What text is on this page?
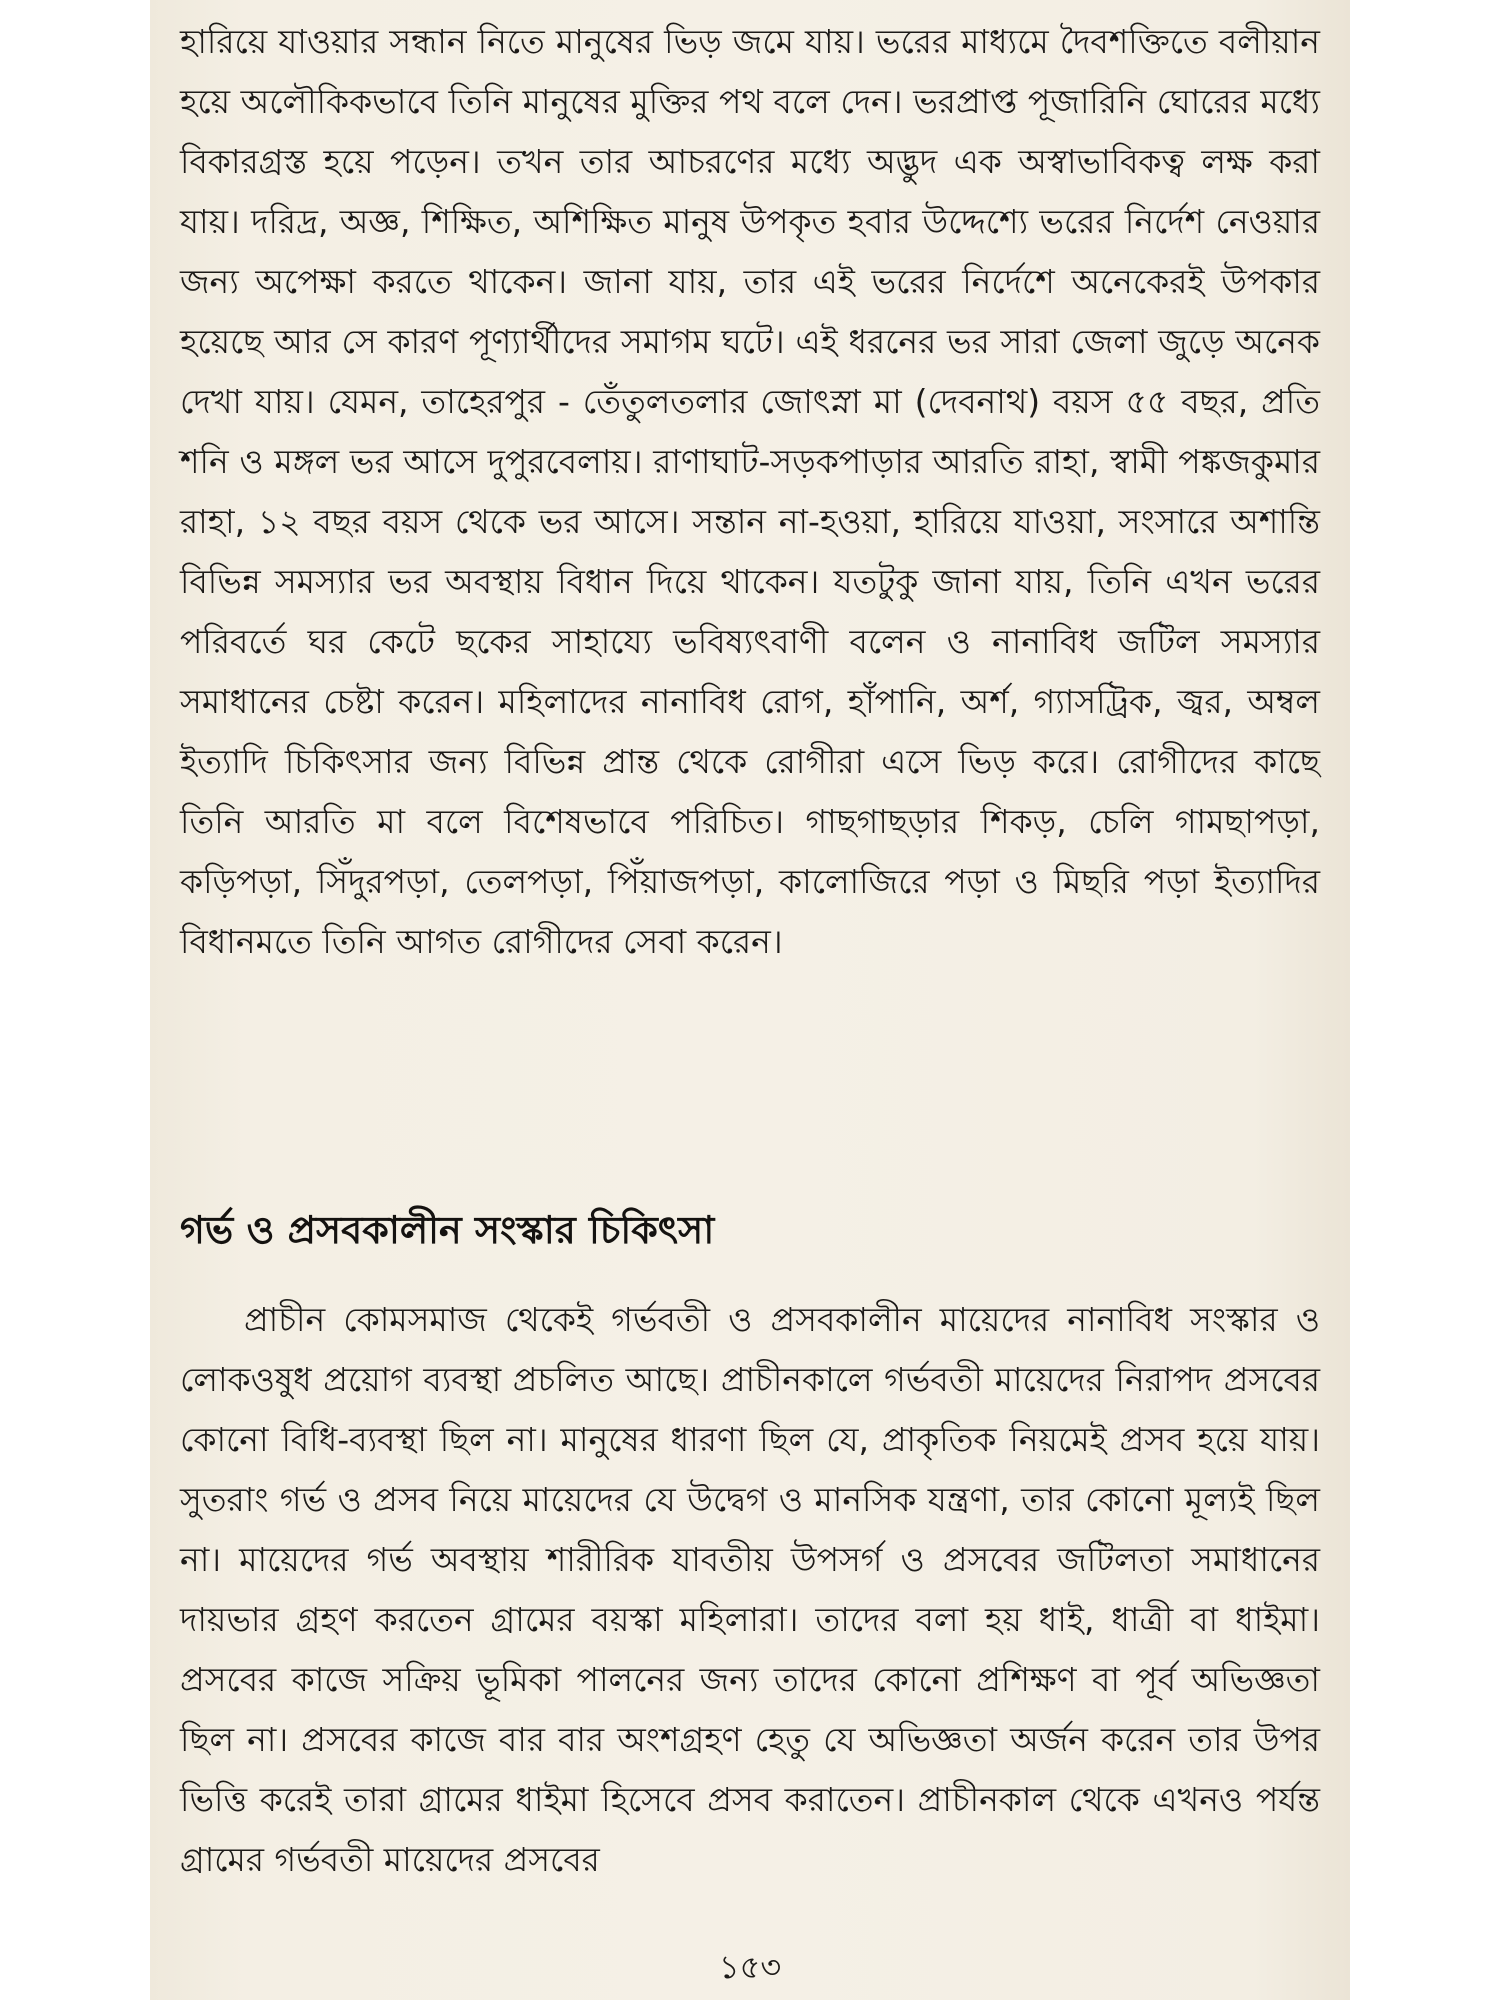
হারিয়ে যাওয়ার সন্ধান নিতে মানুষের ভিড় জমে যায়। ভরের মাধ্যমে দৈবশক্তিতে বলীয়ান হয়ে অলৌকিকভাবে তিনি মানুষের মুক্তির পথ বলে দেন। ভরপ্রাপ্ত পূজারিনি ঘোরের মধ্যে বিকারগ্রস্ত হয়ে পড়েন। তখন তার আচরণের মধ্যে অদ্ভুদ এক অস্বাভাবিকত্ব লক্ষ করা যায়। দরিদ্র, অজ্ঞ, শিক্ষিত, অশিক্ষিত মানুষ উপকৃত হবার উদ্দেশ্যে ভরের নির্দেশ নেওয়ার জন্য অপেক্ষা করতে থাকেন। জানা যায়, তার এই ভরের নির্দেশে অনেকেরই উপকার হয়েছে আর সে কারণ পূণ্যার্থীদের সমাগম ঘটে। এই ধরনের ভর সারা জেলা জুড়ে অনেক দেখা যায়। যেমন, তাহেরপুর - তেঁতুলতলার জোৎস্না মা (দেবনাথ) বয়স ৫৫ বছর, প্রতি শনি ও মঙ্গল ভর আসে দুপুরবেলায়। রাণাঘাট-সড়কপাড়ার আরতি রাহা, স্বামী পঙ্কজকুমার রাহা, ১২ বছর বয়স থেকে ভর আসে। সন্তান না-হওয়া, হারিয়ে যাওয়া, সংসারে অশান্তি বিভিন্ন সমস্যার ভর অবস্থায় বিধান দিয়ে থাকেন। যতটুকু জানা যায়, তিনি এখন ভরের পরিবর্তে ঘর কেটে ছকের সাহায্যে ভবিষ্যৎবাণী বলেন ও নানাবিধ জটিল সমস্যার সমাধানের চেষ্টা করেন। মহিলাদের নানাবিধ রোগ, হাঁপানি, অর্শ, গ্যাসট্রিক, জ্বর, অম্বল ইত্যাদি চিকিৎসার জন্য বিভিন্ন প্রান্ত থেকে রোগীরা এসে ভিড় করে। রোগীদের কাছে তিনি আরতি মা বলে বিশেষভাবে পরিচিত। গাছগাছড়ার শিকড়, চেলি গামছাপড়া, কড়িপড়া, সিঁদুরপড়া, তেলপড়া, পিঁয়াজপড়া, কালোজিরে পড়া ও মিছরি পড়া ইত্যাদির বিধানমতে তিনি আগত রোগীদের সেবা করেন।

গর্ভ ও প্রসবকালীন সংস্কার চিকিৎসা

প্রাচীন কোমসমাজ থেকেই গর্ভবতী ও প্রসবকালীন মায়েদের নানাবিধ সংস্কার ও লোকওষুধ প্রয়োগ ব্যবস্থা প্রচলিত আছে। প্রাচীনকালে গর্ভবতী মায়েদের নিরাপদ প্রসবের কোনো বিধি-ব্যবস্থা ছিল না। মানুষের ধারণা ছিল যে, প্রাকৃতিক নিয়মেই প্রসব হয়ে যায়। সুতরাং গর্ভ ও প্রসব নিয়ে মায়েদের যে উদ্বেগ ও মানসিক যন্ত্রণা, তার কোনো মূল্যই ছিল না। মায়েদের গর্ভ অবস্থায় শারীরিক যাবতীয় উপসর্গ ও প্রসবের জটিলতা সমাধানের দায়ভার গ্রহণ করতেন গ্রামের বয়স্কা মহিলারা। তাদের বলা হয় ধাই, ধাত্রী বা ধাইমা। প্রসবের কাজে সক্রিয় ভূমিকা পালনের জন্য তাদের কোনো প্রশিক্ষণ বা পূর্ব অভিজ্ঞতা ছিল না। প্রসবের কাজে বার বার অংশগ্রহণ হেতু যে অভিজ্ঞতা অর্জন করেন তার উপর ভিত্তি করেই তারা গ্রামের ধাইমা হিসেবে প্রসব করাতেন। প্রাচীনকাল থেকে এখনও পর্যন্ত গ্রামের গর্ভবতী মায়েদের প্রসবের

১৫৩
